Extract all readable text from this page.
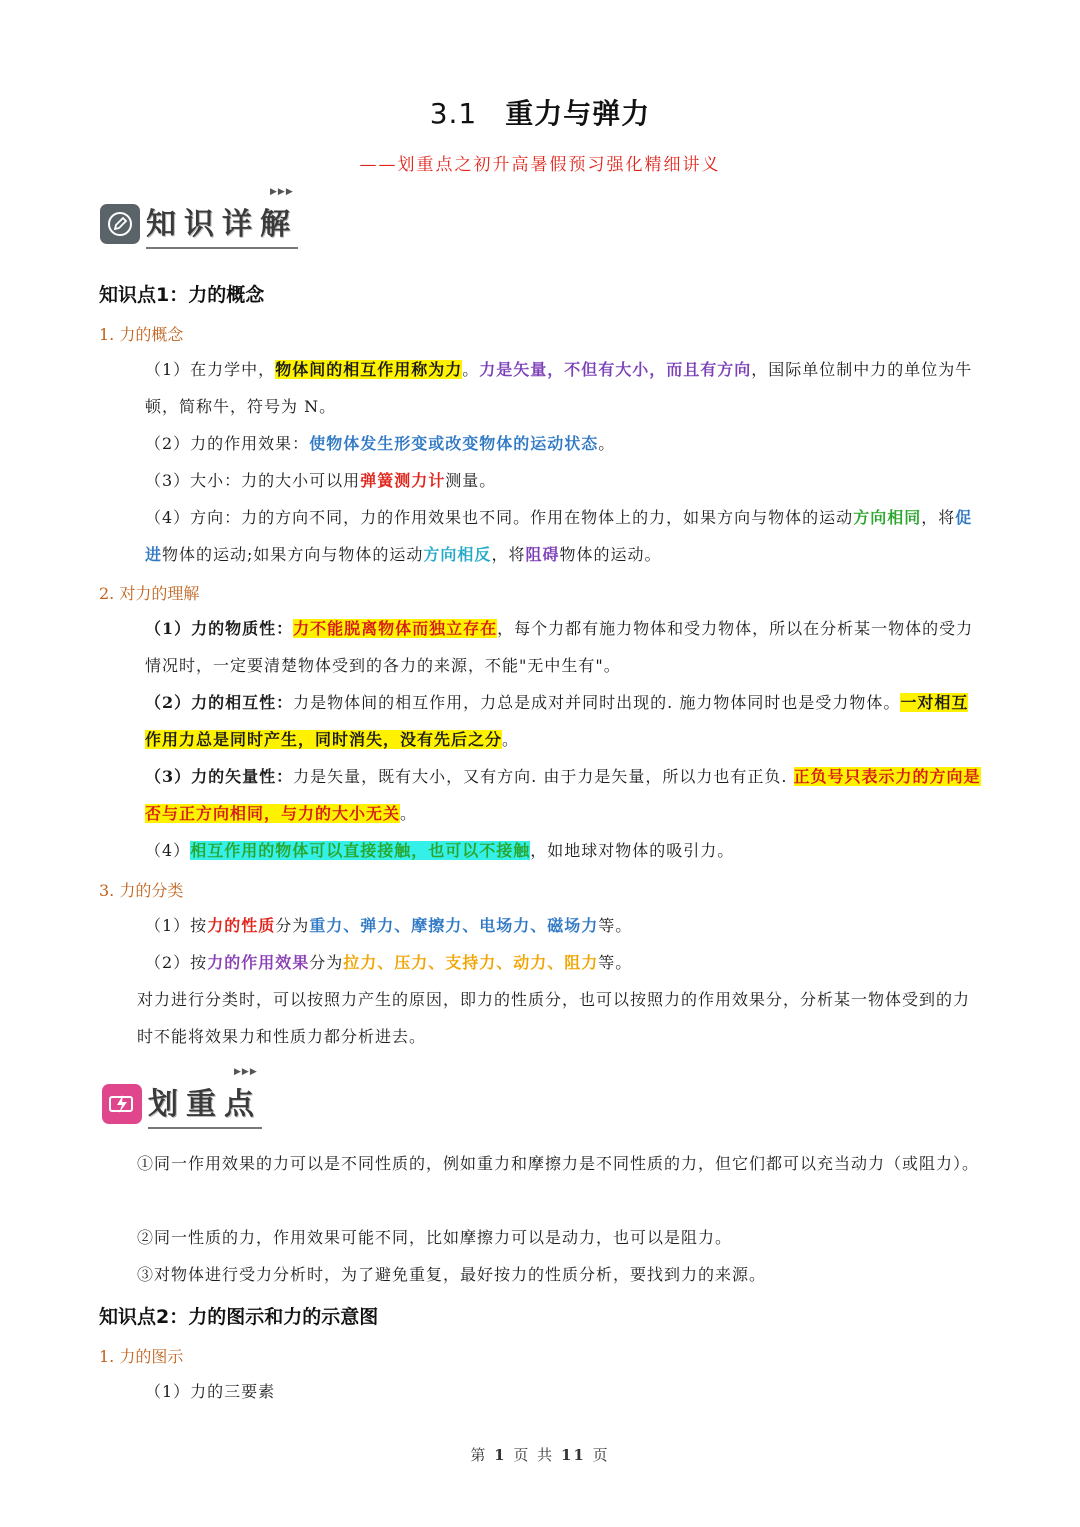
3.1 重力与弹力
——划重点之初升高暑假预习强化精细讲义
知识详解
▶▶▶
知识点1：力的概念
1. 力的概念
（1）在力学中，物体间的相互作用称为力。力是矢量，不但有大小，而且有方向，国际单位制中力的单位为牛顿，简称牛，符号为 N。
（2）力的作用效果：使物体发生形变或改变物体的运动状态。
（3）大小：力的大小可以用弹簧测力计测量。
（4）方向：力的方向不同，力的作用效果也不同。作用在物体上的力，如果方向与物体的运动方向相同，将促进物体的运动;如果方向与物体的运动方向相反，将阻碍物体的运动。
2. 对力的理解
（1）力的物质性：力不能脱离物体而独立存在，每个力都有施力物体和受力物体，所以在分析某一物体的受力情况时，一定要清楚物体受到的各力的来源，不能"无中生有"。
（2）力的相互性：力是物体间的相互作用，力总是成对并同时出现的. 施力物体同时也是受力物体。一对相互作用力总是同时产生，同时消失，没有先后之分。
（3）力的矢量性：力是矢量，既有大小，又有方向. 由于力是矢量，所以力也有正负. 正负号只表示力的方向是否与正方向相同，与力的大小无关。
（4）相互作用的物体可以直接接触，也可以不接触，如地球对物体的吸引力。
3. 力的分类
（1）按力的性质分为重力、弹力、摩擦力、电场力、磁场力等。
（2）按力的作用效果分为拉力、压力、支持力、动力、阻力等。
对力进行分类时，可以按照力产生的原因，即力的性质分，也可以按照力的作用效果分，分析某一物体受到的力时不能将效果力和性质力都分析进去。
划重点
▶▶▶
①同一作用效果的力可以是不同性质的，例如重力和摩擦力是不同性质的力，但它们都可以充当动力（或阻力）。
②同一性质的力，作用效果可能不同，比如摩擦力可以是动力，也可以是阻力。
③对物体进行受力分析时，为了避免重复，最好按力的性质分析，要找到力的来源。
知识点2：力的图示和力的示意图
1. 力的图示
（1）力的三要素
第 1 页 共 11 页
